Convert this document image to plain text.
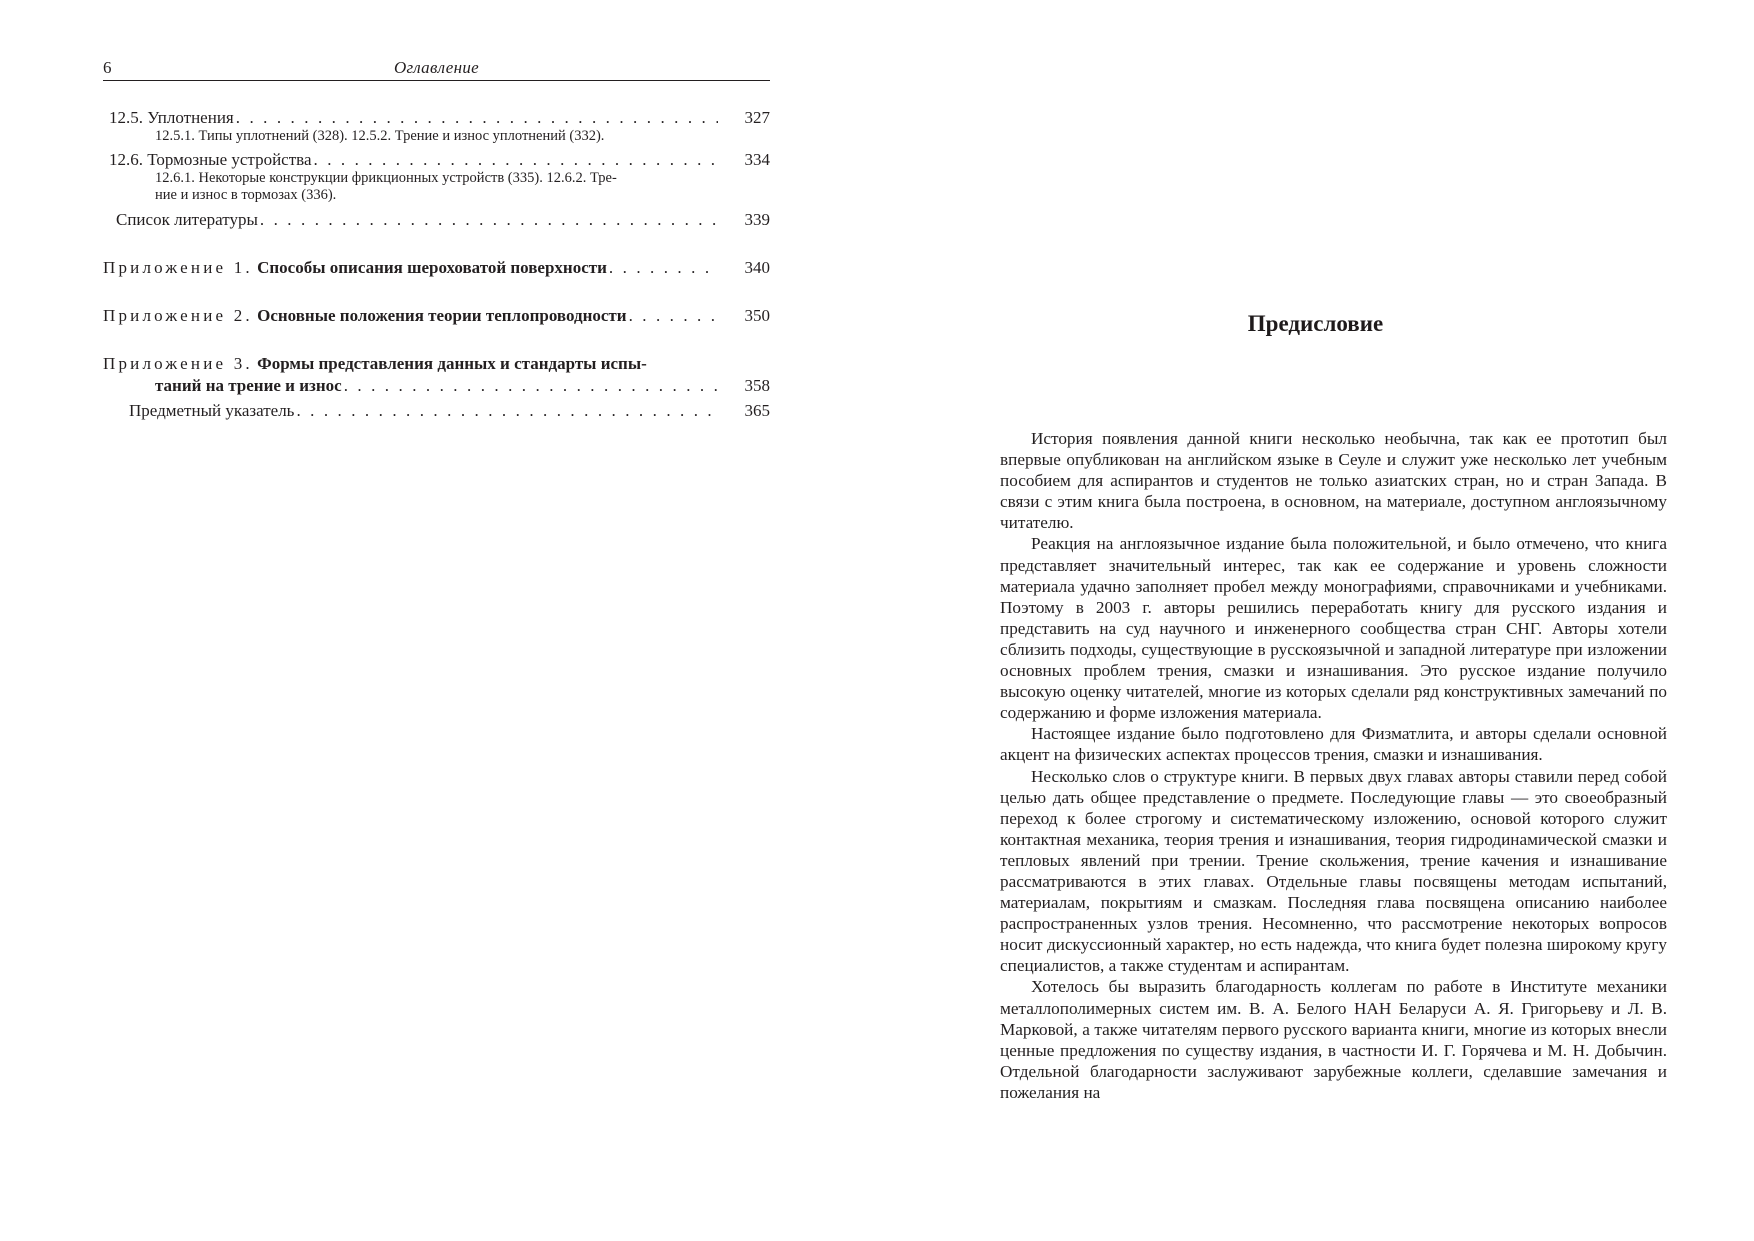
6	Оглавление
12.5. Уплотнения . . .	327
12.5.1. Типы уплотнений (328). 12.5.2. Трение и износ уплотнений (332).
12.6. Тормозные устройства . . .	334
12.6.1. Некоторые конструкции фрикционных устройств (335). 12.6.2. Тре-
ние и износ в тормозах (336).
Список литературы . . .	339
Приложение 1. Способы описания шероховатой поверхности . . .	340
Приложение 2. Основные положения теории теплопроводности . . .	350
Приложение 3. Формы представления данных и стандарты испы-
таний на трение и износ . . .	358
Предметный указатель . . .	365
Предисловие

История появления данной книги несколько необычна, так как ее прототип был впервые опубликован на английском языке в Сеуле и служит уже несколько лет учебным пособием для аспирантов и студентов не только азиатских стран, но и стран Запада. В связи с этим книга была построена, в основном, на материале, доступном англоязычному читателю.

Реакция на англоязычное издание была положительной, и было отмечено, что книга представляет значительный интерес, так как ее содержание и уровень сложности материала удачно заполняет пробел между монографиями, справочниками и учебниками. Поэтому в 2003 г. авторы решились переработать книгу для русского издания и представить на суд научного и инженерного сообщества стран СНГ. Авторы хотели сблизить подходы, существующие в русскоязычной и западной литературе при изложении основных проблем трения, смазки и изнашивания. Это русское издание получило высокую оценку читателей, многие из которых сделали ряд конструктивных замечаний по содержанию и форме изложения материала.

Настоящее издание было подготовлено для Физматлита, и авторы сделали основной акцент на физических аспектах процессов трения, смазки и изнашивания.

Несколько слов о структуре книги. В первых двух главах авторы ставили перед собой целью дать общее представление о предмете. Последующие главы — это своеобразный переход к более строгому и систематическому изложению, основой которого служит контактная механика, теория трения и изнашивания, теория гидродинамической смазки и тепловых явлений при трении. Трение скольжения, трение качения и изнашивание рассматриваются в этих главах. Отдельные главы посвящены методам испытаний, материалам, покрытиям и смазкам. Последняя глава посвящена описанию наиболее распространенных узлов трения. Несомненно, что рассмотрение некоторых вопросов носит дискуссионный характер, но есть надежда, что книга будет полезна широкому кругу специалистов, а также студентам и аспирантам.

Хотелось бы выразить благодарность коллегам по работе в Институте механики металлополимерных систем им. В. А. Белого НАН Беларуси А. Я. Григорьеву и Л. В. Марковой, а также читателям первого русского варианта книги, многие из которых внесли ценные предложения по существу издания, в частности И. Г. Горячева и М. Н. Добычин. Отдельной благодарности заслуживают зарубежные коллеги, сделавшие замечания и пожелания на
